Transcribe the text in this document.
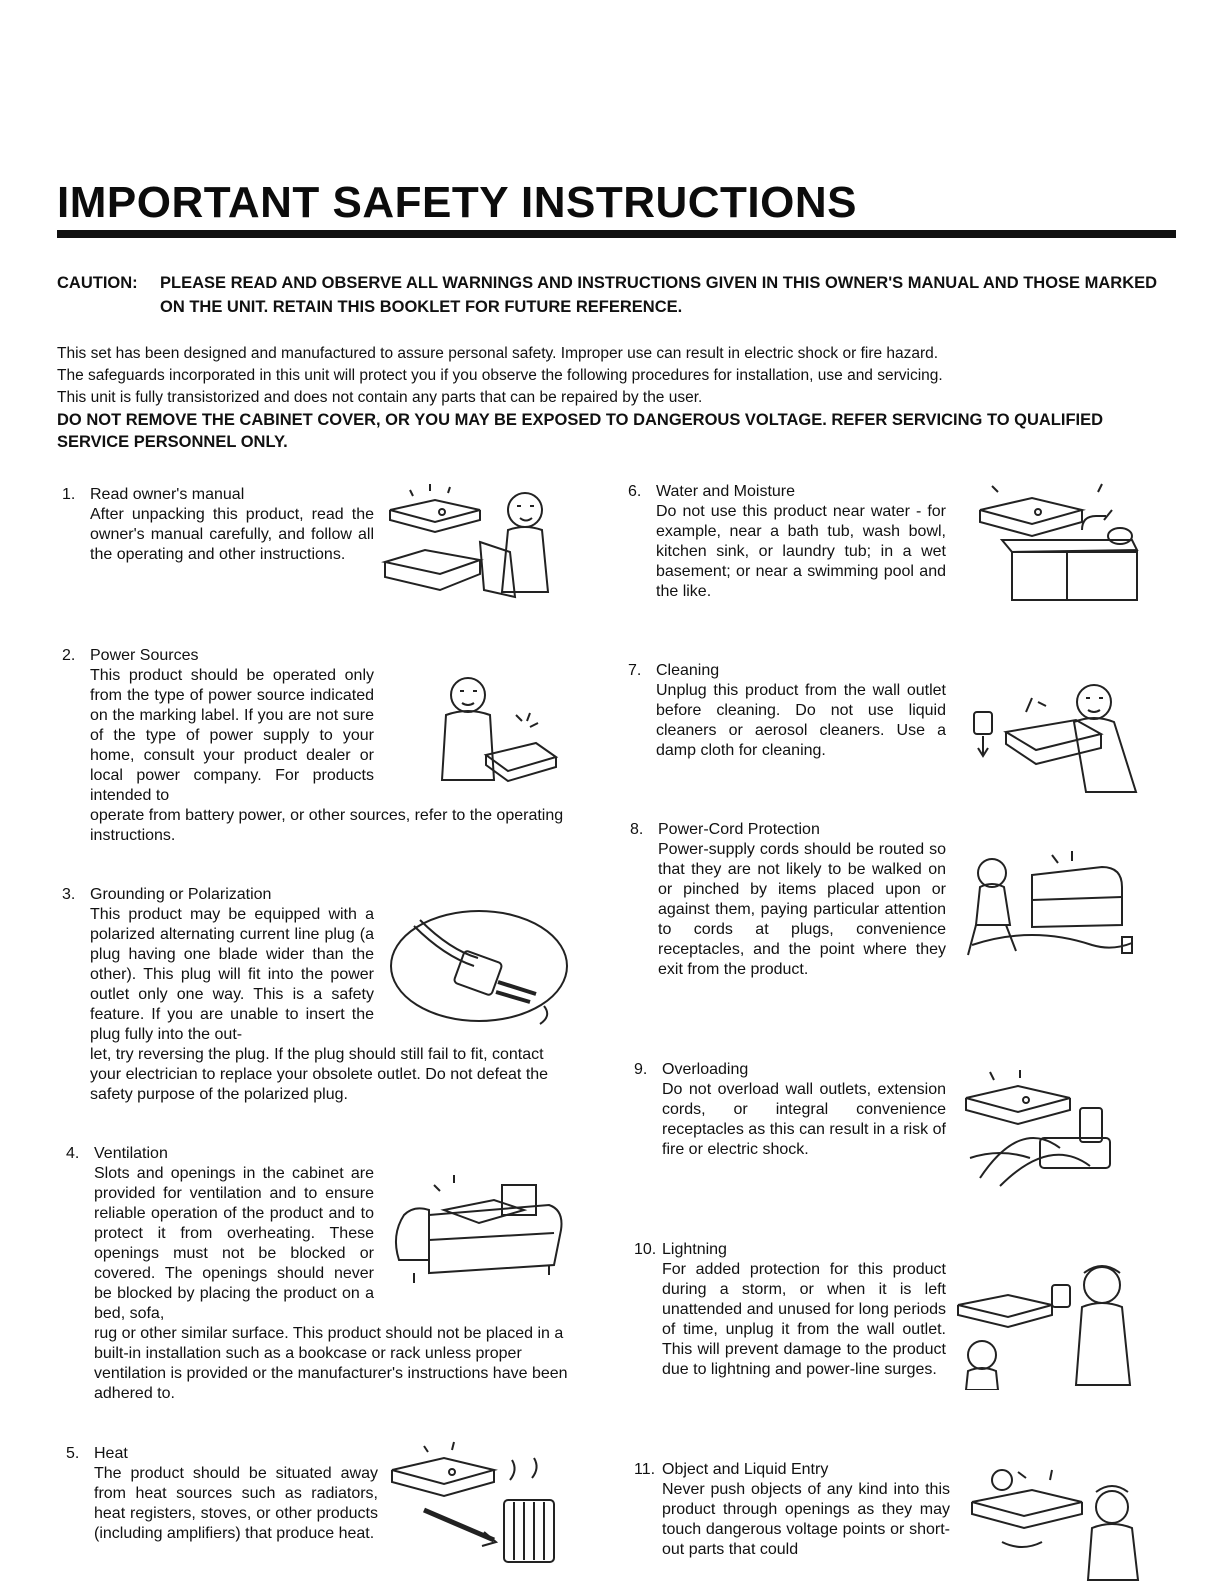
IMPORTANT SAFETY INSTRUCTIONS
CAUTION: PLEASE READ AND OBSERVE ALL WARNINGS AND INSTRUCTIONS GIVEN IN THIS OWNER'S MANUAL AND THOSE MARKED ON THE UNIT. RETAIN THIS BOOKLET FOR FUTURE REFERENCE.
This set has been designed and manufactured to assure personal safety. Improper use can result in electric shock or fire hazard.
The safeguards incorporated in this unit will protect you if you observe the following procedures for installation, use and servicing.
This unit is fully transistorized and does not contain any parts that can be repaired by the user.
DO NOT REMOVE THE CABINET COVER, OR YOU MAY BE EXPOSED TO DANGEROUS VOLTAGE. REFER SERVICING TO QUALIFIED SERVICE PERSONNEL ONLY.
1. Read owner's manual
After unpacking this product, read the owner's manual carefully, and follow all the operating and other instructions.
2. Power Sources
This product should be operated only from the type of power source indicated on the marking label. If you are not sure of the type of power supply to your home, consult your product dealer or local power company. For products intended to
operate from battery power, or other sources, refer to the operating instructions.
3. Grounding or Polarization
This product may be equipped with a polarized alternating current line plug (a plug having one blade wider than the other). This plug will fit into the power outlet only one way. This is a safety feature. If you are unable to insert the plug fully into the out-
let, try reversing the plug. If the plug should still fail to fit, contact your electrician to replace your obsolete outlet. Do not defeat the safety purpose of the polarized plug.
4. Ventilation
Slots and openings in the cabinet are provided for ventilation and to ensure reliable operation of the product and to protect it from overheating. These openings must not be blocked or covered. The openings should never be blocked by placing the product on a bed, sofa,
rug or other similar surface. This product should not be placed in a built-in installation such as a bookcase or rack unless proper ventilation is provided or the manufacturer's instructions have been adhered to.
5. Heat
The product should be situated away from heat sources such as radiators, heat registers, stoves, or other products (including amplifiers) that produce heat.
6. Water and Moisture
Do not use this product near water - for example, near a bath tub, wash bowl, kitchen sink, or laundry tub; in a wet basement; or near a swimming pool and the like.
7. Cleaning
Unplug this product from the wall outlet before cleaning. Do not use liquid cleaners or aerosol cleaners. Use a damp cloth for cleaning.
8. Power-Cord Protection
Power-supply cords should be routed so that they are not likely to be walked on or pinched by items placed upon or against them, paying particular attention to cords at plugs, convenience receptacles, and the point where they exit from the product.
9. Overloading
Do not overload wall outlets, extension cords, or integral convenience receptacles as this can result in a risk of fire or electric shock.
10. Lightning
For added protection for this product during a storm, or when it is left unattended and unused for long periods of time, unplug it from the wall outlet. This will prevent damage to the product due to lightning and power-line surges.
11. Object and Liquid Entry
Never push objects of any kind into this product through openings as they may touch dangerous voltage points or short-out parts that could
